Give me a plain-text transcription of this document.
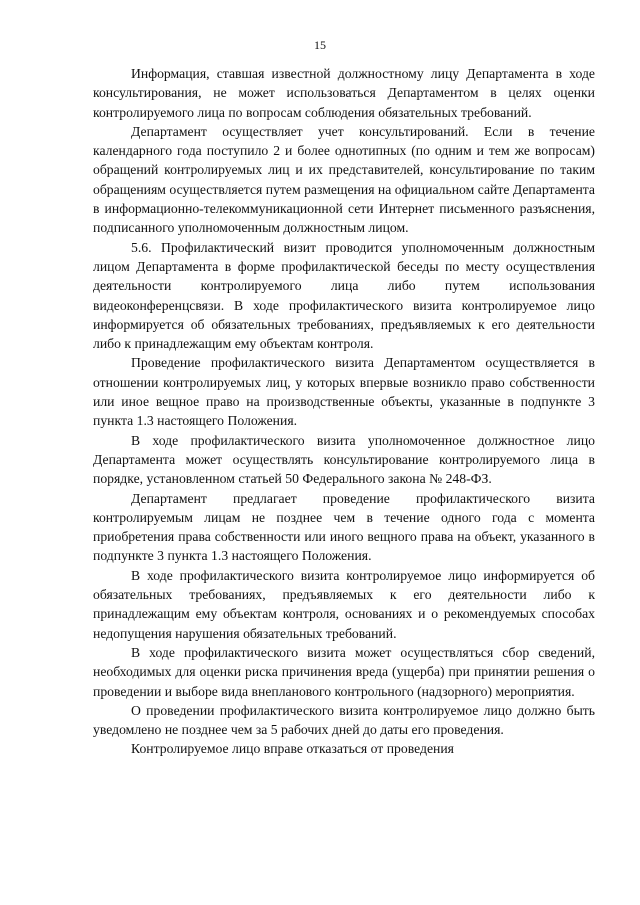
15

Информация, ставшая известной должностному лицу Департамента в ходе консультирования, не может использоваться Департаментом в целях оценки контролируемого лица по вопросам соблюдения обязательных требований.

Департамент осуществляет учет консультирований. Если в течение календарного года поступило 2 и более однотипных (по одним и тем же вопросам) обращений контролируемых лиц и их представителей, консультирование по таким обращениям осуществляется путем размещения на официальном сайте Департамента в информационно-телекоммуникационной сети Интернет письменного разъяснения, подписанного уполномоченным должностным лицом.

5.6. Профилактический визит проводится уполномоченным должностным лицом Департамента в форме профилактической беседы по месту осуществления деятельности контролируемого лица либо путем использования видеоконференцсвязи. В ходе профилактического визита контролируемое лицо информируется об обязательных требованиях, предъявляемых к его деятельности либо к принадлежащим ему объектам контроля.

Проведение профилактического визита Департаментом осуществляется в отношении контролируемых лиц, у которых впервые возникло право собственности или иное вещное право на производственные объекты, указанные в подпункте 3 пункта 1.3 настоящего Положения.

В ходе профилактического визита уполномоченное должностное лицо Департамента может осуществлять консультирование контролируемого лица в порядке, установленном статьей 50 Федерального закона № 248-ФЗ.

Департамент предлагает проведение профилактического визита контролируемым лицам не позднее чем в течение одного года с момента приобретения права собственности или иного вещного права на объект, указанного в подпункте 3 пункта 1.3 настоящего Положения.

В ходе профилактического визита контролируемое лицо информируется об обязательных требованиях, предъявляемых к его деятельности либо к принадлежащим ему объектам контроля, основаниях и о рекомендуемых способах недопущения нарушения обязательных требований.

В ходе профилактического визита может осуществляться сбор сведений, необходимых для оценки риска причинения вреда (ущерба) при принятии решения о проведении и выборе вида внепланового контрольного (надзорного) мероприятия.

О проведении профилактического визита контролируемое лицо должно быть уведомлено не позднее чем за 5 рабочих дней до даты его проведения.

Контролируемое лицо вправе отказаться от проведения
